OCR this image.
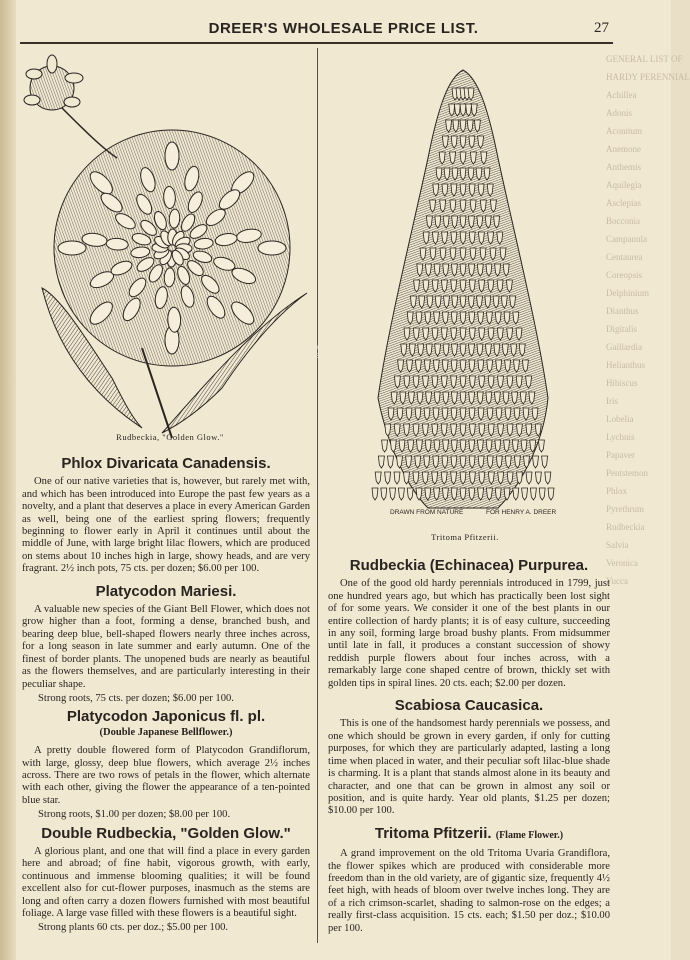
DREER'S WHOLESALE PRICE LIST.	27
GENERAL LIST OF
HARDY PERENNIAL
Achillea
Adonis
Aconitum
Anemone
Anthemis
Aquilegia
Asclepias
Bocconia
Campanula
Centaurea
Coreopsis
Delphinium
Dianthus
Digitalis
Gaillardia
Helianthus
Hibiscus
Iris
Lobelia
Lychnis
Papaver
Pentstemon
Phlox
Pyrethrum
Rudbeckia
Salvia
Veronica
Yucca
DRAWN FROM NATURE
FOR HENRY A. DREER
Rudbeckia, "Golden Glow."
DRAWN FROM NATURE	FOR HENRY A. DREER
Tritoma Pfitzerii.
Phlox Divaricata Canadensis.

One of our native varieties that is, however, but rarely met with, and which has been introduced into Europe the past few years as a novelty, and a plant that deserves a place in every American Garden as well, being one of the earliest spring flowers; frequently beginning to flower early in April it continues until about the middle of June, with large bright lilac flowers, which are produced on stems about 10 inches high in large, showy heads, and are very fragrant. 2½ inch pots, 75 cts. per dozen; $6.00 per 100.

Platycodon Mariesi.

A valuable new species of the Giant Bell Flower, which does not grow higher than a foot, forming a dense, branched bush, and bearing deep blue, bell-shaped flowers nearly three inches across, for a long season in late summer and early autumn. One of the finest of border plants. The unopened buds are nearly as beautiful as the flowers themselves, and are particularly interesting in their peculiar shape.

Strong roots, 75 cts. per dozen; $6.00 per 100.

Platycodon Japonicus fl. pl.
(Double Japanese Bellflower.)

A pretty double flowered form of Platycodon Grandiflorum, with large, glossy, deep blue flowers, which average 2½ inches across. There are two rows of petals in the flower, which alternate with each other, giving the flower the appearance of a ten-pointed blue star.

Strong roots, $1.00 per dozen; $8.00 per 100.

Double Rudbeckia, "Golden Glow."

A glorious plant, and one that will find a place in every garden here and abroad; of fine habit, vigorous growth, with early, continuous and immense blooming qualities; it will be found excellent also for cut-flower purposes, inasmuch as the stems are long and often carry a dozen flowers furnished with most beautiful foliage. A large vase filled with these flowers is a beautiful sight.

Strong plants 60 cts. per doz.; $5.00 per 100.

Rudbeckia (Echinacea) Purpurea.

One of the good old hardy perennials introduced in 1799, just one hundred years ago, but which has practically been lost sight of for some years. We consider it one of the best plants in our entire collection of hardy plants; it is of easy culture, succeeding in any soil, forming large broad bushy plants. From midsummer until late in fall, it produces a constant succession of showy reddish purple flowers about four inches across, with a remarkably large cone shaped centre of brown, thickly set with golden tips in spiral lines. 20 cts. each; $2.00 per dozen.

Scabiosa Caucasica.

This is one of the handsomest hardy perennials we possess, and one which should be grown in every garden, if only for cutting purposes, for which they are particularly adapted, lasting a long time when placed in water, and their peculiar soft lilac-blue shade is charming. It is a plant that stands almost alone in its beauty and character, and one that can be grown in almost any soil or position, and is quite hardy. Year old plants, $1.25 per dozen; $10.00 per 100.

Tritoma Pfitzerii. (Flame Flower.)

A grand improvement on the old Tritoma Uvaria Grandiflora, the flower spikes which are produced with considerable more freedom than in the old variety, are of gigantic size, frequently 4½ feet high, with heads of bloom over twelve inches long. They are of a rich crimson-scarlet, shading to salmon-rose on the edges; a really first-class acquisition. 15 cts. each; $1.50 per doz.; $10.00 per 100.
